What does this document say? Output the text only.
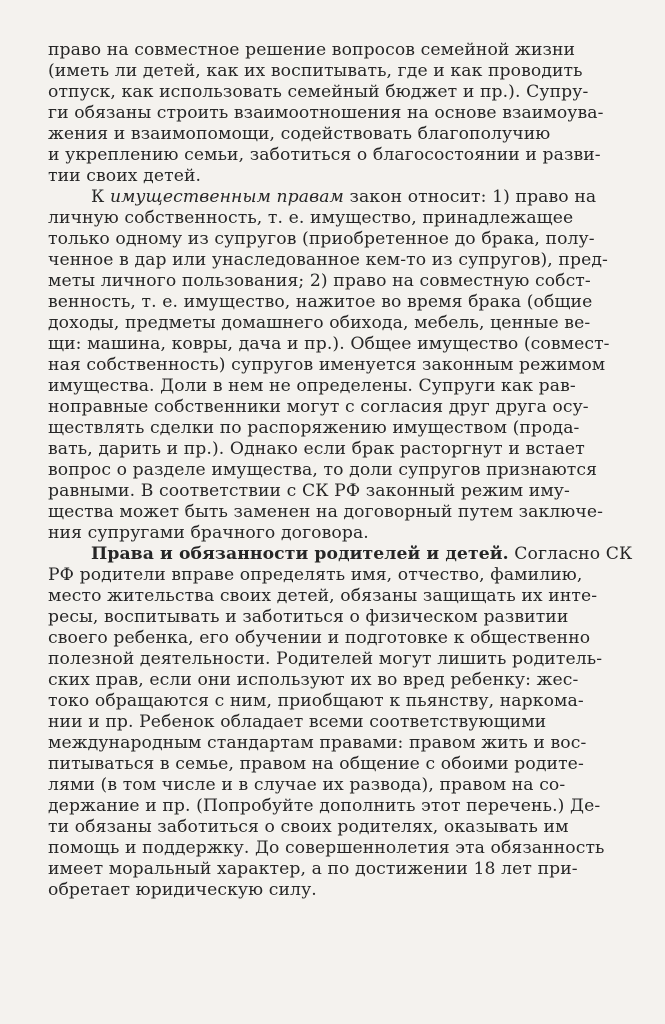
право на совместное решение вопросов семейной жизни
(иметь ли детей, как их воспитывать, где и как проводить
отпуск, как использовать семейный бюджет и пр.). Супру-
ги обязаны строить взаимоотношения на основе взаимоува-
жения и взаимопомощи, содействовать благополучию
и укреплению семьи, заботиться о благосостоянии и разви-
тии своих детей.
К имущественным правам закон относит: 1) право на
личную собственность, т. е. имущество, принадлежащее
только одному из супругов (приобретенное до брака, полу-
ченное в дар или унаследованное кем-то из супругов), пред-
меты личного пользования; 2) право на совместную собст-
венность, т. е. имущество, нажитое во время брака (общие
доходы, предметы домашнего обихода, мебель, ценные ве-
щи: машина, ковры, дача и пр.). Общее имущество (совмест-
ная собственность) супругов именуется законным режимом
имущества. Доли в нем не определены. Супруги как рав-
ноправные собственники могут с согласия друг друга осу-
ществлять сделки по распоряжению имуществом (прода-
вать, дарить и пр.). Однако если брак расторгнут и встает
вопрос о разделе имущества, то доли супругов признаются
равными. В соответствии с СК РФ законный режим иму-
щества может быть заменен на договорный путем заключе-
ния супругами брачного договора.
Права и обязанности родителей и детей. Согласно СК
РФ родители вправе определять имя, отчество, фамилию,
место жительства своих детей, обязаны защищать их инте-
ресы, воспитывать и заботиться о физическом развитии
своего ребенка, его обучении и подготовке к общественно
полезной деятельности. Родителей могут лишить родитель-
ских прав, если они используют их во вред ребенку: жес-
токо обращаются с ним, приобщают к пьянству, наркома-
нии и пр. Ребенок обладает всеми соответствующими
международным стандартам правами: правом жить и вос-
питываться в семье, правом на общение с обоими родите-
лями (в том числе и в случае их развода), правом на со-
держание и пр. (Попробуйте дополнить этот перечень.) Де-
ти обязаны заботиться о своих родителях, оказывать им
помощь и поддержку. До совершеннолетия эта обязанность
имеет моральный характер, а по достижении 18 лет при-
обретает юридическую силу.
